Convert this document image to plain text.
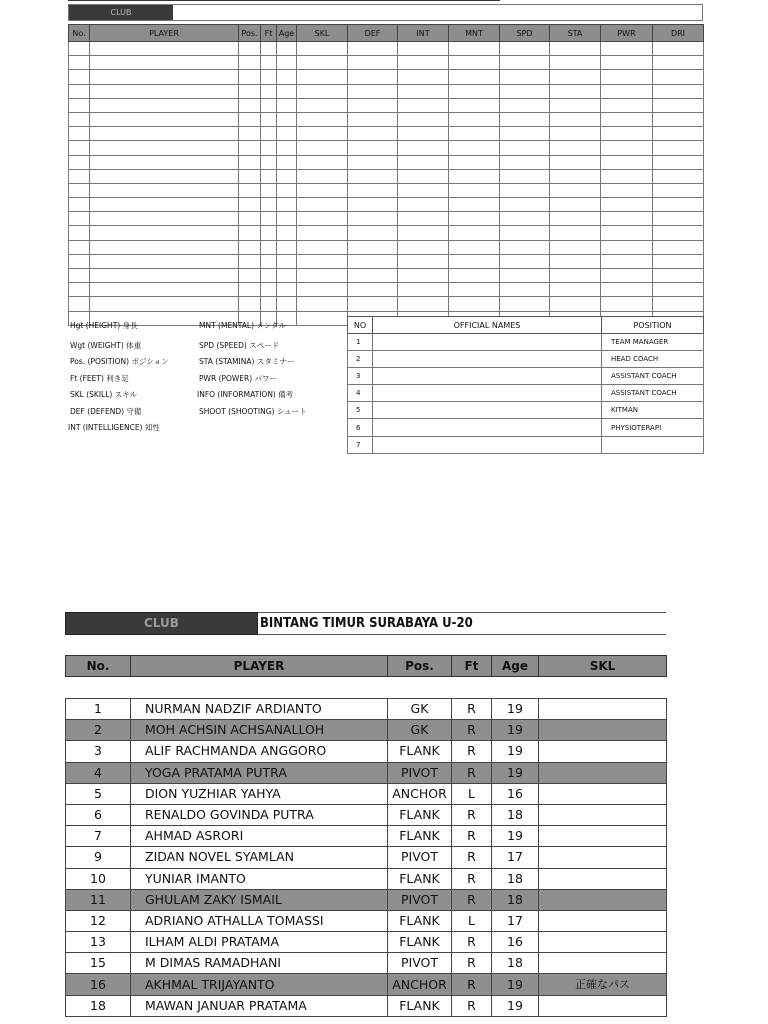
CLUB
No.	PLAYER	Pos.	Ft	Age	SKL	DEF	INT	MNT	SPD	STA	PWR	DRI

Hgt (HEIGHT) 身長
Wgt (WEIGHT) 体重
Pos. (POSITION) ポジション
Ft (FEET) 利き足
SKL (SKILL) スキル
DEF (DEFEND) 守備
INT (INTELLIGENCE) 知性
MNT (MENTAL) メンタル
SPD (SPEED) スペード
STA (STAMINA) スタミナー
PWR (POWER) パワー
INFO (INFORMATION) 備考
SHOOT (SHOOTING) シュート
NO	OFFICIAL NAMES	POSITION
1		TEAM MANAGER
2		HEAD COACH
3		ASSISTANT COACH
4		ASSISTANT COACH
5		KITMAN
6		PHYSIOTERAPI
7		
CLUB	BINTANG TIMUR SURABAYA U-20
No.	PLAYER	Pos.	Ft	Age	SKL
1	NURMAN NADZIF ARDIANTO	GK	R	19	
2	MOH ACHSIN ACHSANALLOH	GK	R	19	
3	ALIF RACHMANDA ANGGORO	FLANK	R	19	
4	YOGA PRATAMA PUTRA	PIVOT	R	19	
5	DION YUZHIAR YAHYA	ANCHOR	L	16	
6	RENALDO GOVINDA PUTRA	FLANK	R	18	
7	AHMAD ASRORI	FLANK	R	19	
9	ZIDAN NOVEL SYAMLAN	PIVOT	R	17	
10	YUNIAR IMANTO	FLANK	R	18	
11	GHULAM ZAKY ISMAIL	PIVOT	R	18	
12	ADRIANO ATHALLA TOMASSI	FLANK	L	17	
13	ILHAM ALDI PRATAMA	FLANK	R	16	
15	M DIMAS RAMADHANI	PIVOT	R	18	
16	AKHMAL TRIJAYANTO	ANCHOR	R	19	正確なパス
18	MAWAN JANUAR PRATAMA	FLANK	R	19	
